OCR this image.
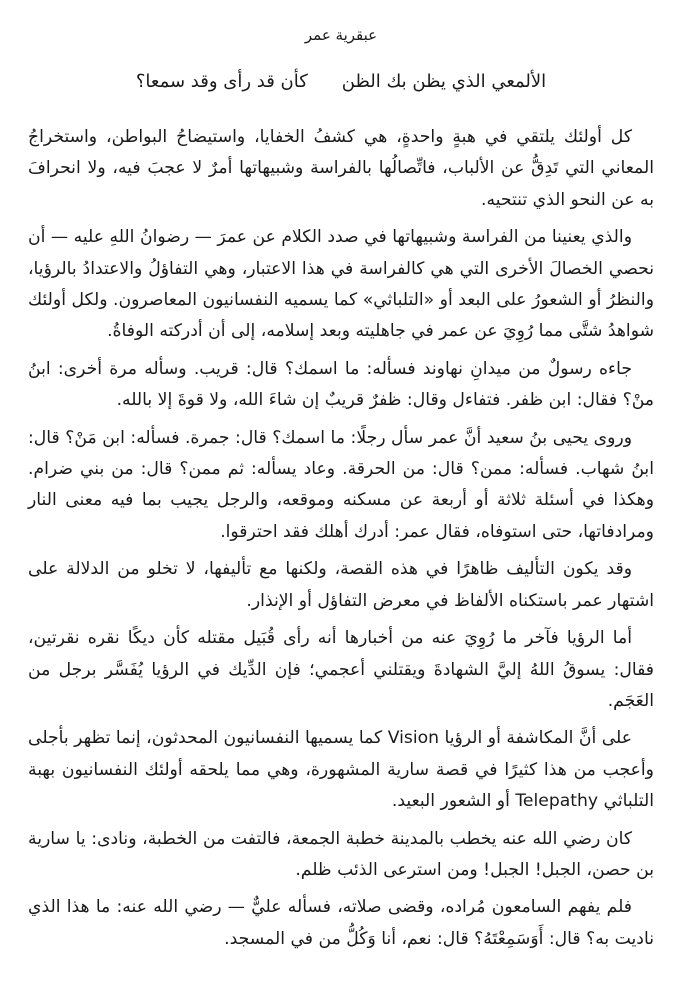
عبقرية عمر
الألمعي الذي يظن بك الظن
كأن قد رأى وقد سمعا؟

كل أولئك يلتقي في هبةٍ واحدةٍ، هي كشفُ الخفايا، واستيضاحُ البواطن، واستخراجُ المعاني التي تَدِقُّ عن الألباب، فاتِّصالُها بالفراسة وشبيهاتها أمرٌ لا عجبَ فيه، ولا انحرافَ به عن النحو الذي تنتحيه.

والذي يعنينا من الفراسة وشبيهاتها في صدد الكلام عن عمرَ — رضوانُ اللهِ عليه — أن نحصي الخصالَ الأخرى التي هي كالفراسة في هذا الاعتبار، وهي التفاؤلُ والاعتدادُ بالرؤيا، والنظرُ أو الشعورُ على البعد أو «التلباثي» كما يسميه النفسانيون المعاصرون. ولكل أولئك شواهدُ شتَّى مما رُوِيَ عن عمر في جاهليته وبعد إسلامه، إلى أن أدركته الوفاةُ.

جاءه رسولٌ من ميدانِ نهاوند فسأله: ما اسمك؟ قال: قريب. وسأله مرة أخرى: ابنُ منْ؟ فقال: ابن ظفر. فتفاءل وقال: ظفرٌ قريبٌ إن شاءَ الله، ولا قوةَ إلا بالله.

وروى يحيى بنُ سعيد أنَّ عمر سأل رجلًا: ما اسمك؟ قال: جمرة. فسأله: ابن مَنْ؟ قال: ابنُ شهاب. فسأله: ممن؟ قال: من الحرقة. وعاد يسأله: ثم ممن؟ قال: من بني ضرام. وهكذا في أسئلة ثلاثة أو أربعة عن مسكنه وموقعه، والرجل يجيب بما فيه معنى النار ومرادفاتها، حتى استوفاه، فقال عمر: أدرك أهلك فقد احترقوا.

وقد يكون التأليف ظاهرًا في هذه القصة، ولكنها مع تأليفها، لا تخلو من الدلالة على اشتهار عمر باستكناه الألفاظ في معرض التفاؤل أو الإنذار.

أما الرؤيا فآخر ما رُوِيَ عنه من أخبارها أنه رأى قُبَيل مقتله كأن ديكًا نقره نقرتين، فقال: يسوقُ اللهُ إليَّ الشهادةَ ويقتلني أعجمي؛ فإن الدِّيك في الرؤيا يُفَسَّر برجل من العَجَم.

على أنَّ المكاشفة أو الرؤيا Vision كما يسميها النفسانيون المحدثون، إنما تظهر بأجلى وأعجب من هذا كثيرًا في قصة سارية المشهورة، وهي مما يلحقه أولئك النفسانيون بهبة التلباثي Telepathy أو الشعور البعيد.

كان رضي الله عنه يخطب بالمدينة خطبة الجمعة، فالتفت من الخطبة، ونادى: يا سارية بن حصن، الجبل! الجبل! ومن استرعى الذئب ظلم.

فلم يفهم السامعون مُراده، وقضى صلاته، فسأله عليٌّ — رضي الله عنه: ما هذا الذي ناديت به؟ قال: أَوَسَمِعْتَهُ؟ قال: نعم، أنا وَكُلُّ من في المسجد.
